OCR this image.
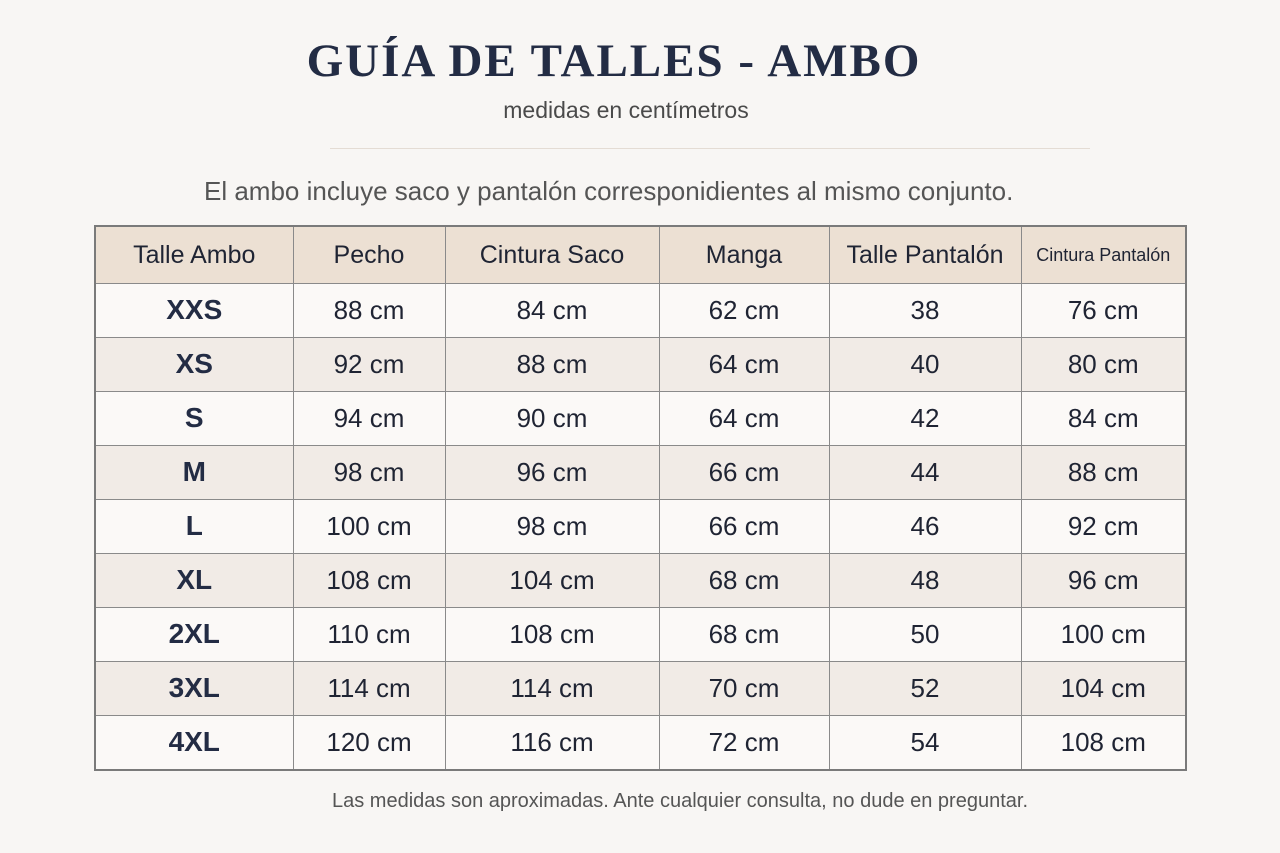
GUÍA DE TALLES - AMBO
medidas en centímetros
El ambo incluye saco y pantalón corresponidientes al mismo conjunto.
Talle Ambo	Pecho	Cintura Saco	Manga	Talle Pantalón	Cintura Pantalón
XXS	88 cm	84 cm	62 cm	38	76 cm
XS	92 cm	88 cm	64 cm	40	80 cm
S	94 cm	90 cm	64 cm	42	84 cm
M	98 cm	96 cm	66 cm	44	88 cm
L	100 cm	98 cm	66 cm	46	92 cm
XL	108 cm	104 cm	68 cm	48	96 cm
2XL	110 cm	108 cm	68 cm	50	100 cm
3XL	114 cm	114 cm	70 cm	52	104 cm
4XL	120 cm	116 cm	72 cm	54	108 cm
Las medidas son aproximadas. Ante cualquier consulta, no dude en preguntar.
